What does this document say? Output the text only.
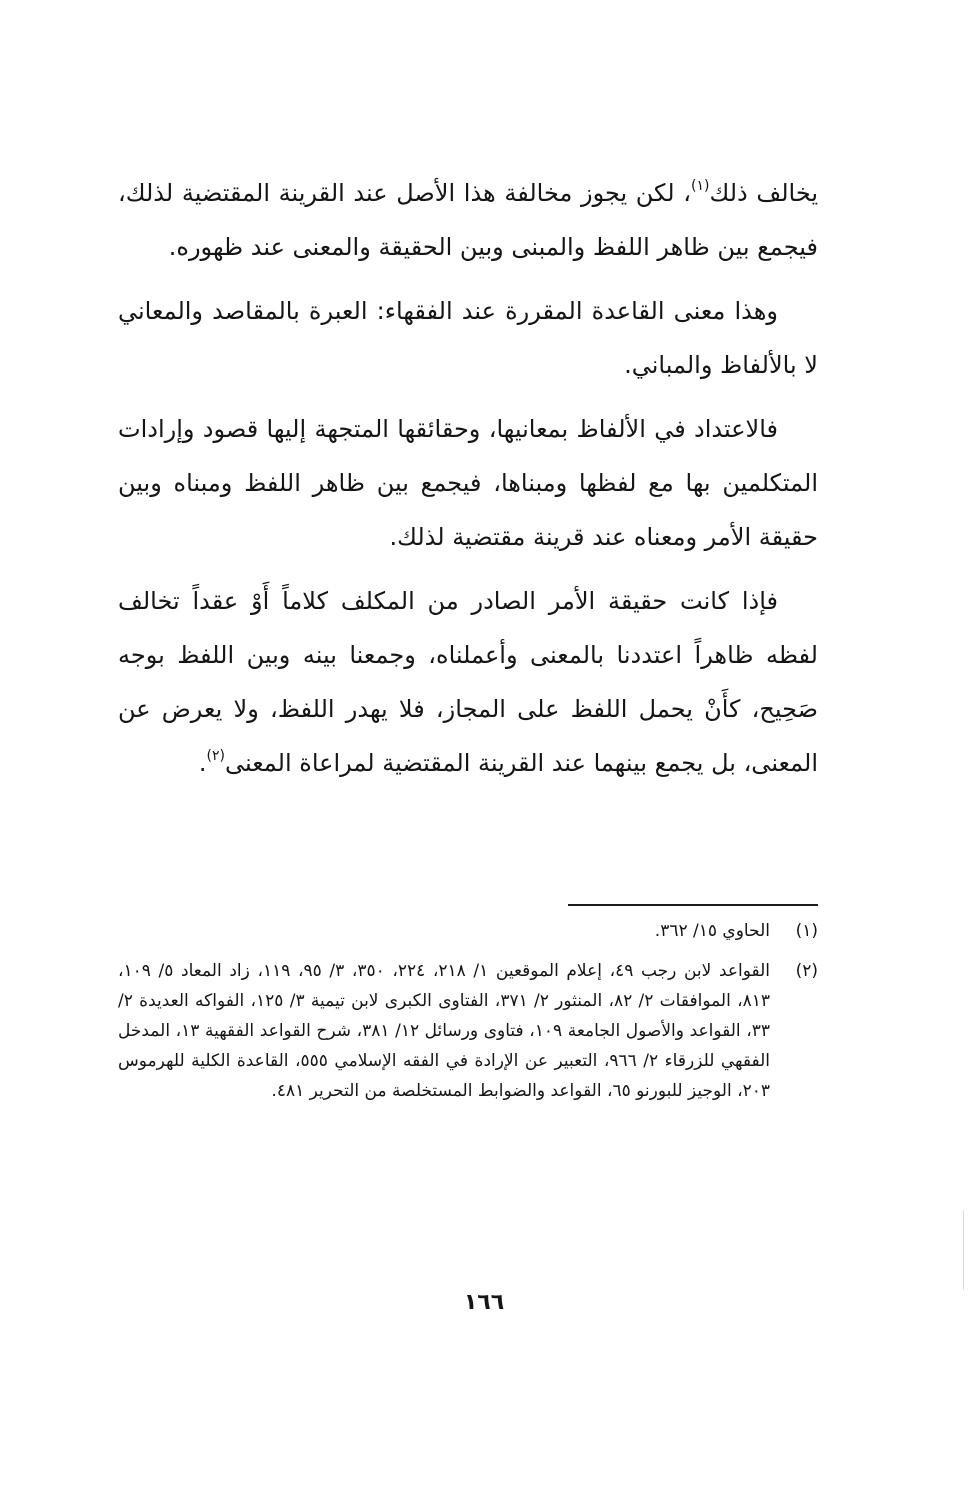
يخالف ذلك$^{(١)}$، لكن يجوز مخالفة هذا الأصل عند القرينة المقتضية لذلك، فيجمع بين ظاهر اللفظ والمبنى وبين الحقيقة والمعنى عند ظهوره.

وهذا معنى القاعدة المقررة عند الفقهاء: العبرة بالمقاصد والمعاني لا بالألفاظ والمباني.

فالاعتداد في الألفاظ بمعانيها، وحقائقها المتجهة إليها قصود وإرادات المتكلمين بها مع لفظها ومبناها، فيجمع بين ظاهر اللفظ ومبناه وبين حقيقة الأمر ومعناه عند قرينة مقتضية لذلك.

فإذا كانت حقيقة الأمر الصادر من المكلف كلاماً أَوْ عقداً تخالف لفظه ظاهراً اعتددنا بالمعنى وأعملناه، وجمعنا بينه وبين اللفظ بوجه صَحِيح، كأَنْ يحمل اللفظ على المجاز، فلا يهدر اللفظ، ولا يعرض عن المعنى، بل يجمع بينهما عند القرينة المقتضية لمراعاة المعنى$^{(٢)}$.

(١)
الحاوي ١٥/ ٣٦٢.
(٢)
القواعد لابن رجب ٤٩، إعلام الموقعين ١/ ٢١٨، ٢٢٤، ٣٥٠، ٣/ ٩٥، ١١٩، زاد المعاد ٥/ ١٠٩، ٨١٣، الموافقات ٢/ ٨٢، المنثور ٢/ ٣٧١، الفتاوى الكبرى لابن تيمية ٣/ ١٢٥، الفواكه العديدة ٢/ ٣٣، القواعد والأصول الجامعة ١٠٩، فتاوى ورسائل ١٢/ ٣٨١، شرح القواعد الفقهية ١٣، المدخل الفقهي للزرقاء ٢/ ٩٦٦، التعبير عن الإرادة في الفقه الإسلامي ٥٥٥، القاعدة الكلية للهرموس ٢٠٣، الوجيز للبورنو ٦٥، القواعد والضوابط المستخلصة من التحرير ٤٨١.
١٦٦
